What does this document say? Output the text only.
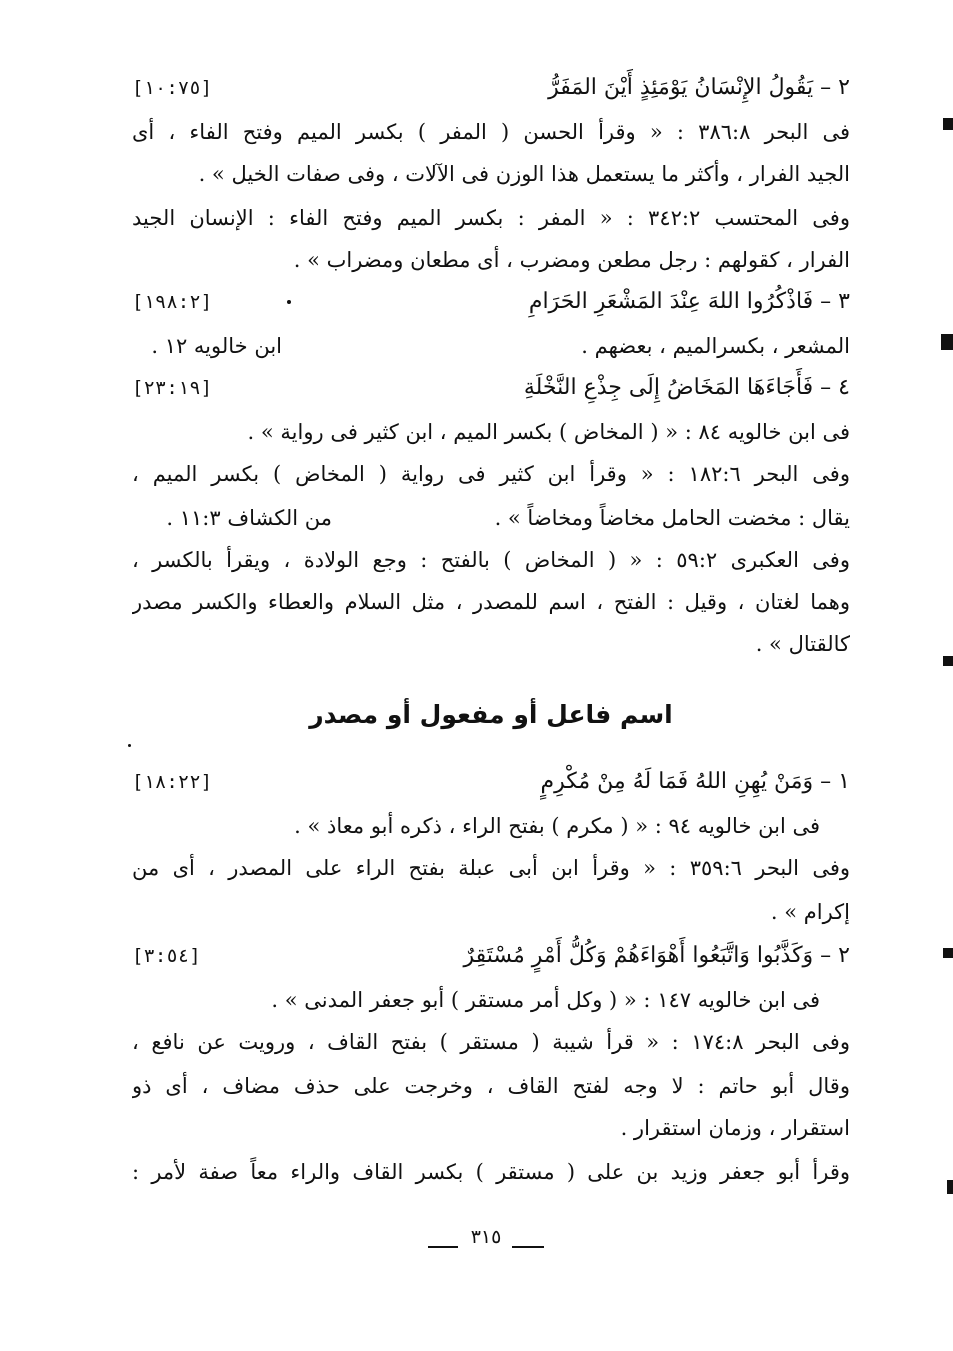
٢ – يَقُولُ الإِنْسَانُ يَوْمَئِذٍ أَيْنَ المَفَرُّ
[١٠:٧٥]
فى البحر ٣٨٦:٨ : « وقرأ الحسن ( المفر ) بكسر الميم وفتح الفاء ، أى
الجيد الفرار ، وأكثر ما يستعمل هذا الوزن فى الآلات ، وفى صفات الخيل » .
وفى المحتسب ٣٤٢:٢ : « المفر : بكسر الميم وفتح الفاء : الإنسان الجيد
الفرار ، كقولهم : رجل مطعن ومضرب ، أى مطعان ومضراب » .
٣ – فَاذْكُرُوا اللهَ عِنْدَ المَشْعَرِ الحَرَامِ
[١٩٨:٢]
المشعر ، بكسرالميم ، بعضهم .
ابن خالويه ١٢ .
٤ – فَأَجَاءَهَا المَخَاضُ إِلَى جِذْعِ النَّخْلَةِ
[٢٣:١٩]
فى ابن خالويه ٨٤ : « ( المخاض ) بكسر الميم ، ابن كثير فى رواية » .
وفى البحر ١٨٢:٦ : « وقرأ ابن كثير فى رواية ( المخاض ) بكسر الميم ،
يقال : مخضت الحامل مخاضاً ومخاضاً » .
من الكشاف ١١:٣ .
وفى العكبرى ٥٩:٢ : « ( المخاض ) بالفتح : وجع الولادة ، ويقرأ بالكسر ،
وهما لغتان ، وقيل : الفتح ، اسم للمصدر ، مثل السلام والعطاء والكسر مصدر
كالقتال » .
اسم فاعل أو مفعول أو مصدر
١ – وَمَنْ يُهِنِ اللهُ فَمَا لَهُ مِنْ مُكْرِمٍ
[١٨:٢٢]
فى ابن خالويه ٩٤ : « ( مكرم ) بفتح الراء ، ذكره أبو معاذ » .
وفى البحر ٣٥٩:٦ : « وقرأ ابن أبى عبلة بفتح الراء على المصدر ، أى من
إكرام » .
٢ – وَكَذَّبُوا وَاتَّبَعُوا أَهْوَاءَهُمْ وَكُلُّ أَمْرٍ مُسْتَقِرٌ
[٣:٥٤]
فى ابن خالويه ١٤٧ : « ( وكل أمر مستقر ) أبو جعفر المدنى » .
وفى البحر ١٧٤:٨ : « قرأ شيبة ( مستقر ) بفتح القاف ، ورويت عن نافع ،
وقال أبو حاتم : لا وجه لفتح القاف ، وخرجت على حذف مضاف ، أى ذو
استقرار ، وزمان استقرار .
وقرأ أبو جعفر وزيد بن على ( مستقر ) بكسر القاف والراء معاً صفة لأمر :
٣١٥
